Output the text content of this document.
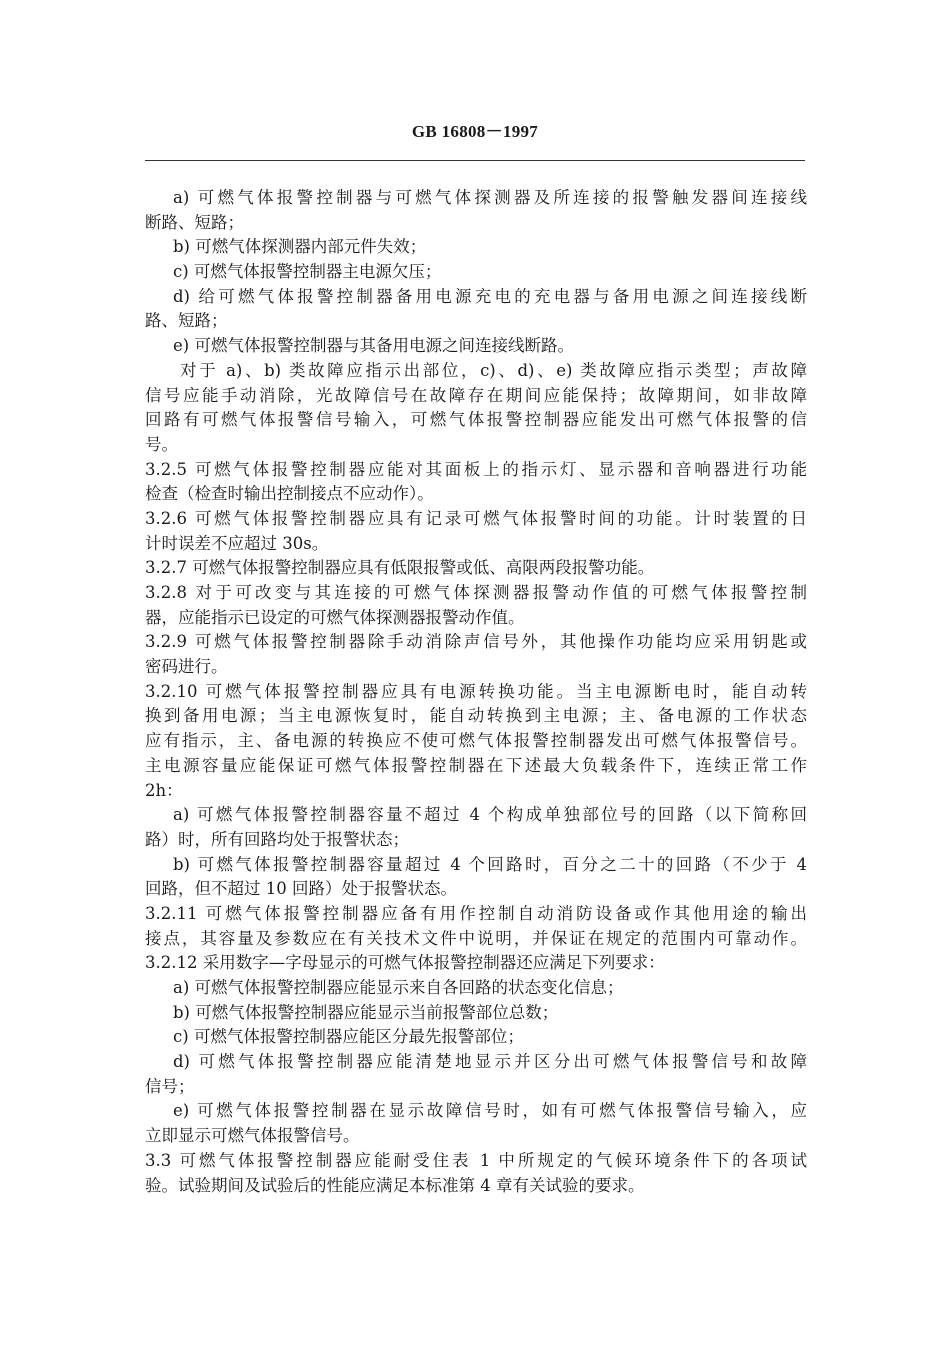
GB 16808－1997
a) 可燃气体报警控制器与可燃气体探测器及所连接的报警触发器间连接线
断路、短路；
b) 可燃气体探测器内部元件失效；
c) 可燃气体报警控制器主电源欠压；
d) 给可燃气体报警控制器备用电源充电的充电器与备用电源之间连接线断
路、短路；
e) 可燃气体报警控制器与其备用电源之间连接线断路。
对于 a)、b) 类故障应指示出部位，c)、d)、e) 类故障应指示类型；声故障
信号应能手动消除，光故障信号在故障存在期间应能保持；故障期间，如非故障
回路有可燃气体报警信号输入，可燃气体报警控制器应能发出可燃气体报警的信
号。
3.2.5 可燃气体报警控制器应能对其面板上的指示灯、显示器和音响器进行功能
检查（检查时输出控制接点不应动作）。
3.2.6 可燃气体报警控制器应具有记录可燃气体报警时间的功能。计时装置的日
计时误差不应超过 30s。
3.2.7 可燃气体报警控制器应具有低限报警或低、高限两段报警功能。
3.2.8 对于可改变与其连接的可燃气体探测器报警动作值的可燃气体报警控制
器，应能指示已设定的可燃气体探测器报警动作值。
3.2.9 可燃气体报警控制器除手动消除声信号外，其他操作功能均应采用钥匙或
密码进行。
3.2.10 可燃气体报警控制器应具有电源转换功能。当主电源断电时，能自动转
换到备用电源；当主电源恢复时，能自动转换到主电源；主、备电源的工作状态
应有指示，主、备电源的转换应不使可燃气体报警控制器发出可燃气体报警信号。
主电源容量应能保证可燃气体报警控制器在下述最大负载条件下，连续正常工作
2h：
a) 可燃气体报警控制器容量不超过 4 个构成单独部位号的回路（以下简称回
路）时，所有回路均处于报警状态；
b) 可燃气体报警控制器容量超过 4 个回路时，百分之二十的回路（不少于 4
回路，但不超过 10 回路）处于报警状态。
3.2.11 可燃气体报警控制器应备有用作控制自动消防设备或作其他用途的输出
接点，其容量及参数应在有关技术文件中说明，并保证在规定的范围内可靠动作。
3.2.12 采用数字—字母显示的可燃气体报警控制器还应满足下列要求：
a) 可燃气体报警控制器应能显示来自各回路的状态变化信息；
b) 可燃气体报警控制器应能显示当前报警部位总数；
c) 可燃气体报警控制器应能区分最先报警部位；
d) 可燃气体报警控制器应能清楚地显示并区分出可燃气体报警信号和故障
信号；
e) 可燃气体报警控制器在显示故障信号时，如有可燃气体报警信号输入，应
立即显示可燃气体报警信号。
3.3 可燃气体报警控制器应能耐受住表 1 中所规定的气候环境条件下的各项试
验。试验期间及试验后的性能应满足本标准第 4 章有关试验的要求。
